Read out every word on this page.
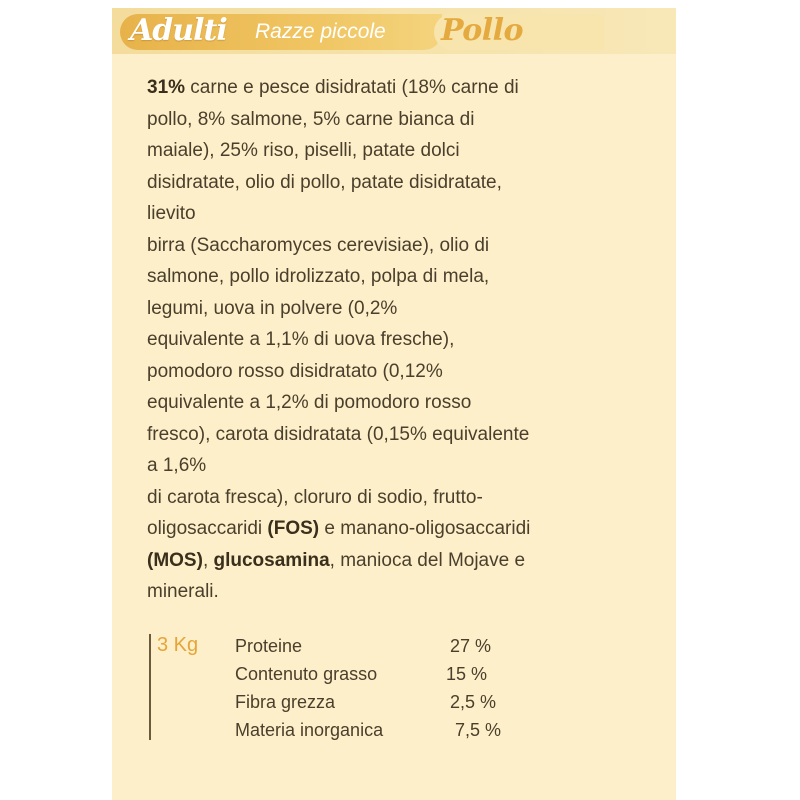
Adulti Razze piccole Pollo
31% carne e pesce disidratati (18% carne di
pollo, 8% salmone, 5% carne bianca di
maiale), 25% riso, piselli, patate dolci
disidratate, olio di pollo, patate disidratate,
lievito
birra (Saccharomyces cerevisiae), olio di
salmone, pollo idrolizzato, polpa di mela,
legumi, uova in polvere (0,2%
equivalente a 1,1% di uova fresche),
pomodoro rosso disidratato (0,12%
equivalente a 1,2% di pomodoro rosso
fresco), carota disidratata (0,15% equivalente
a 1,6%
di carota fresca), cloruro di sodio, frutto-
oligosaccaridi (FOS) e manano-oligosaccaridi
(MOS), glucosamina, manioca del Mojave e
minerali.
3 Kg Proteine	27 %
Contenuto grasso	15 %
Fibra grezza	2,5 %
Materia inorganica	7,5 %
